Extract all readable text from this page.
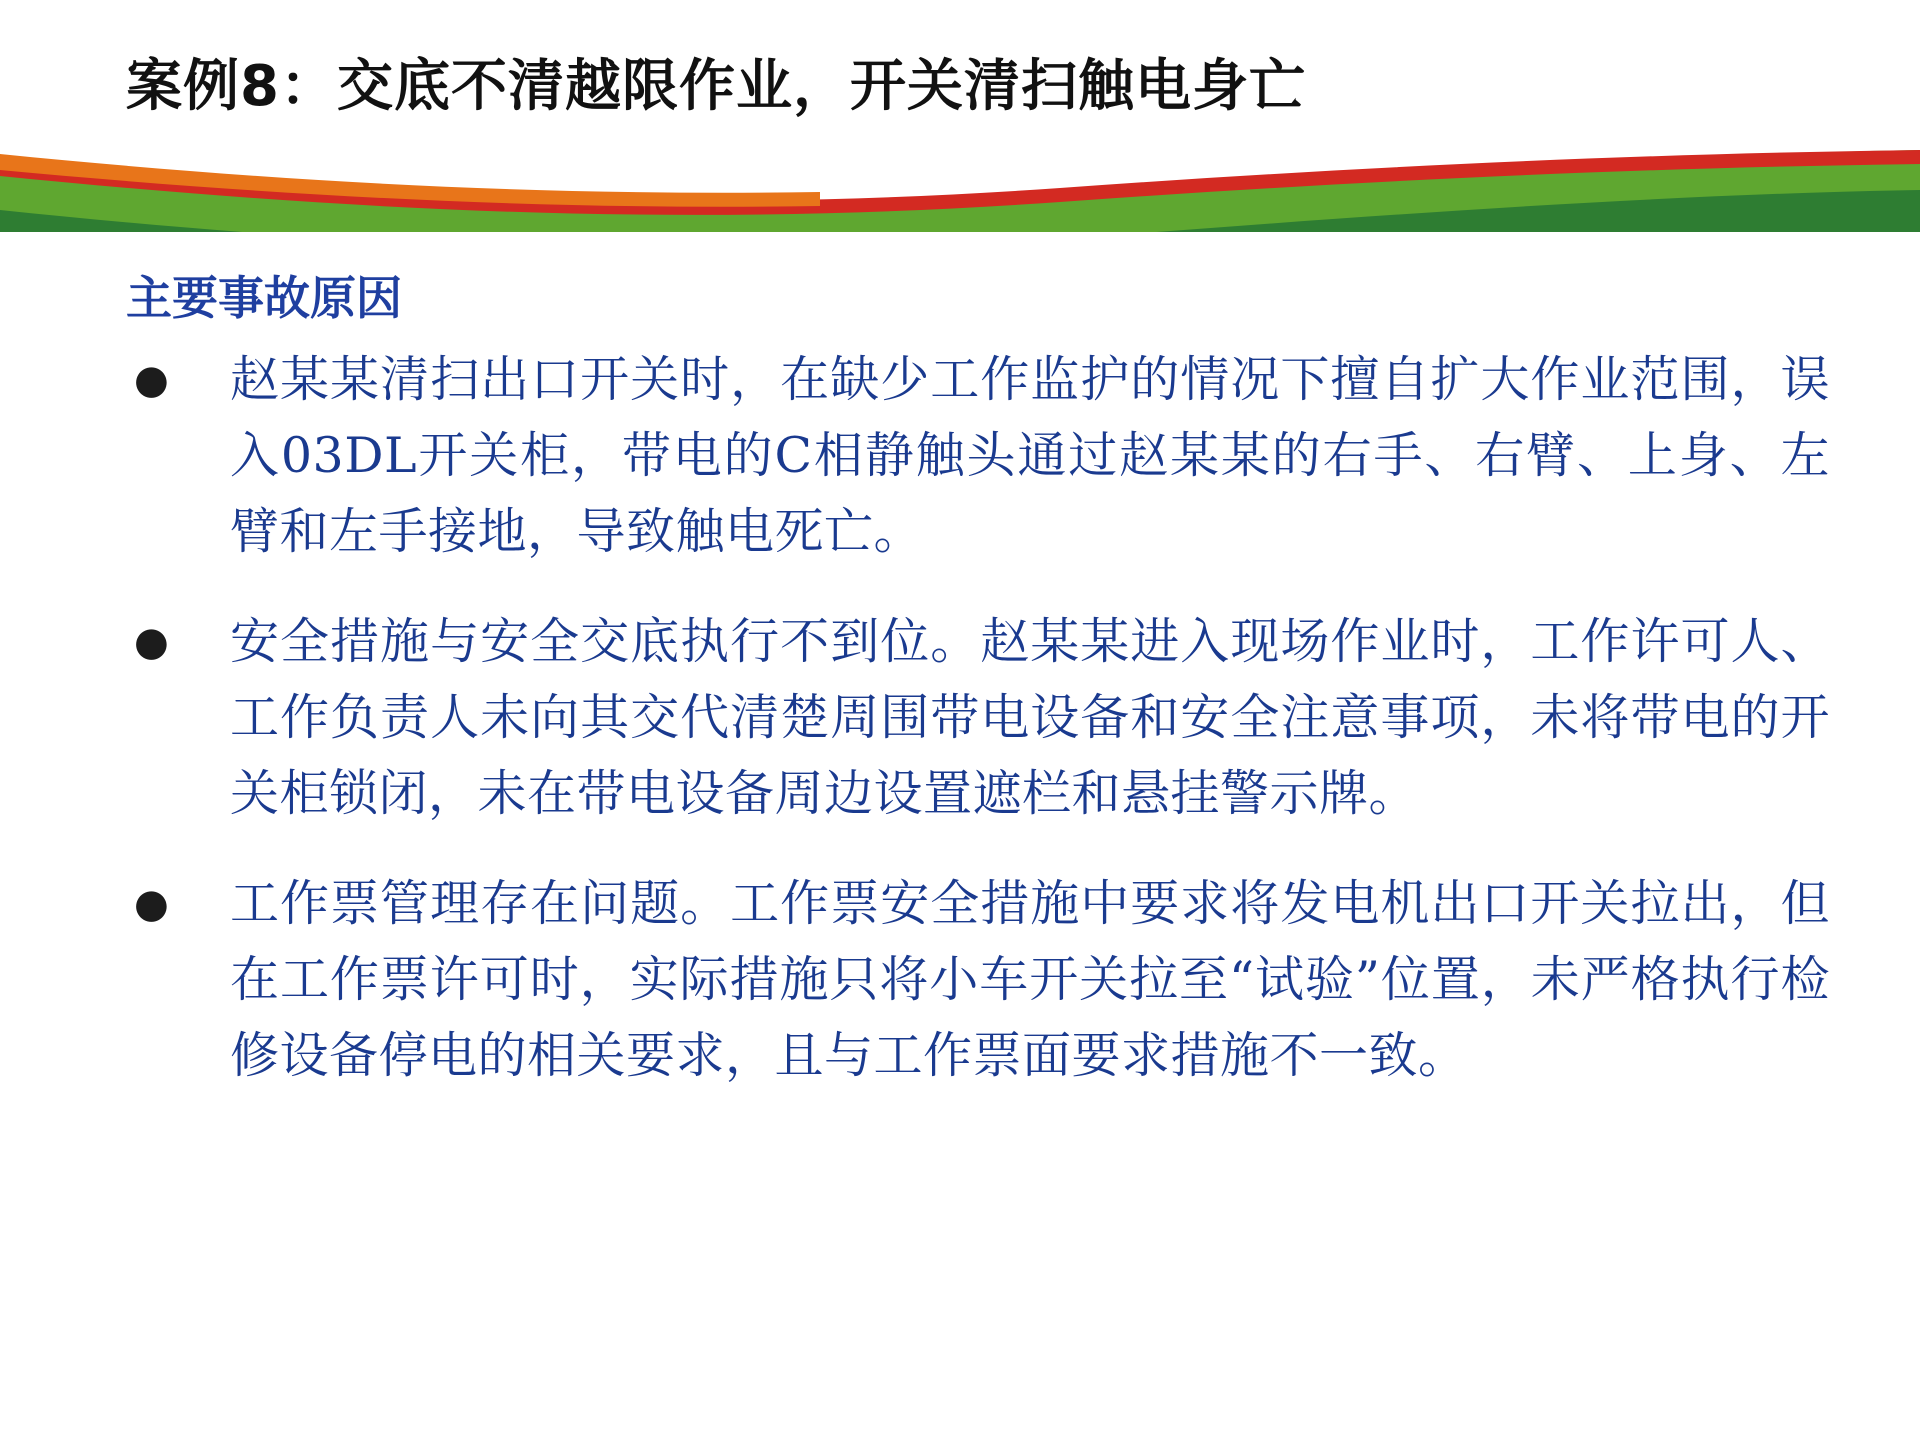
案例8：交底不清越限作业，开关清扫触电身亡
主要事故原因
●	赵某某清扫出口开关时，在缺少工作监护的情况下擅自扩大作业范围，误入03DL开关柜，带电的C相静触头通过赵某某的右手、右臂、上身、左臂和左手接地，导致触电死亡。
●	安全措施与安全交底执行不到位。赵某某进入现场作业时，工作许可人、工作负责人未向其交代清楚周围带电设备和安全注意事项，未将带电的开关柜锁闭，未在带电设备周边设置遮栏和悬挂警示牌。
●	工作票管理存在问题。工作票安全措施中要求将发电机出口开关拉出，但在工作票许可时，实际措施只将小车开关拉至“试验”位置，未严格执行检修设备停电的相关要求，且与工作票面要求措施不一致。
